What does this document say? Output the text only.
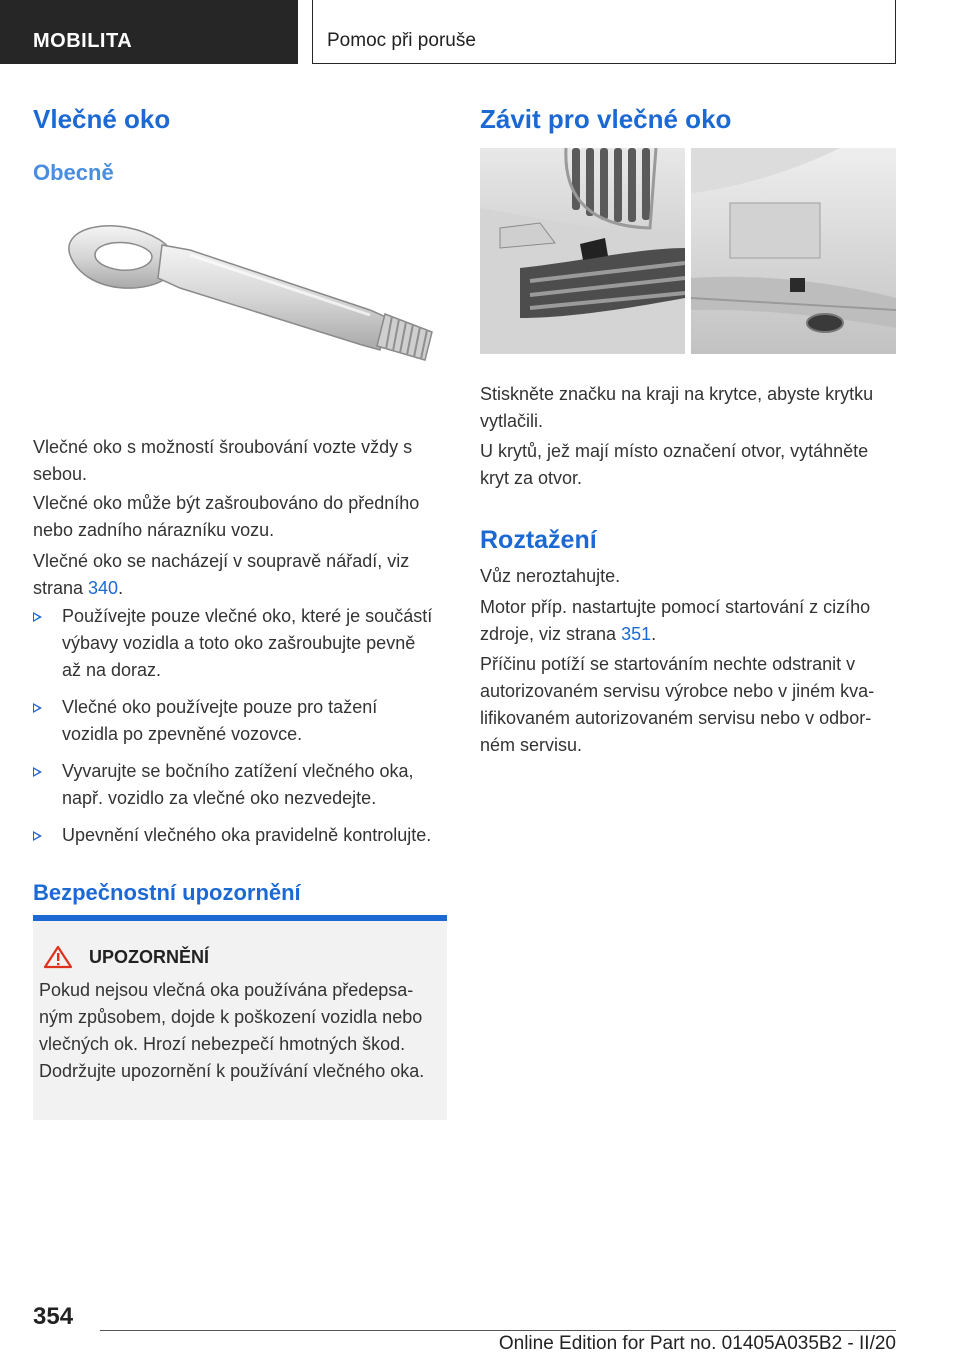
MOBILITA	Pomoc při poruše
Vlečné oko
Obecně

Vlečné oko s možností šroubování vozte vždy s sebou.

Vlečné oko může být zašroubováno do předního nebo zadního nárazníku vozu.

Vlečné oko se nacházejí v soupravě nářadí, viz strana 340.

Používejte pouze vlečné oko, které je součástí výbavy vozidla a toto oko zašroubujte pevně až na doraz.
Vlečné oko používejte pouze pro tažení vozidla po zpevněné vozovce.
Vyvarujte se bočního zatížení vlečného oka, např. vozidlo za vlečné oko nezvedejte.
Upevnění vlečného oka pravidelně kontrolujte.
Bezpečnostní upozornění
UPOZORNĚNÍ

Pokud nejsou vlečná oka používána předepsaným způsobem, dojde k poškození vozidla nebo vlečných ok. Hrozí nebezpečí hmotných škod. Dodržujte upozornění k používání vlečného oka.

Závit pro vlečné oko

Stiskněte značku na kraji na krytce, abyste krytku vytlačili.

U krytů, jež mají místo označení otvor, vytáhněte kryt za otvor.

Roztažení

Vůz neroztahujte.

Motor příp. nastartujte pomocí startování z cizího zdroje, viz strana 351.

Příčinu potíží se startováním nechte odstranit v autorizovaném servisu výrobce nebo v jiném kvalifikovaném autorizovaném servisu nebo v odborném servisu.

354
Online Edition for Part no. 01405A035B2 - II/20
